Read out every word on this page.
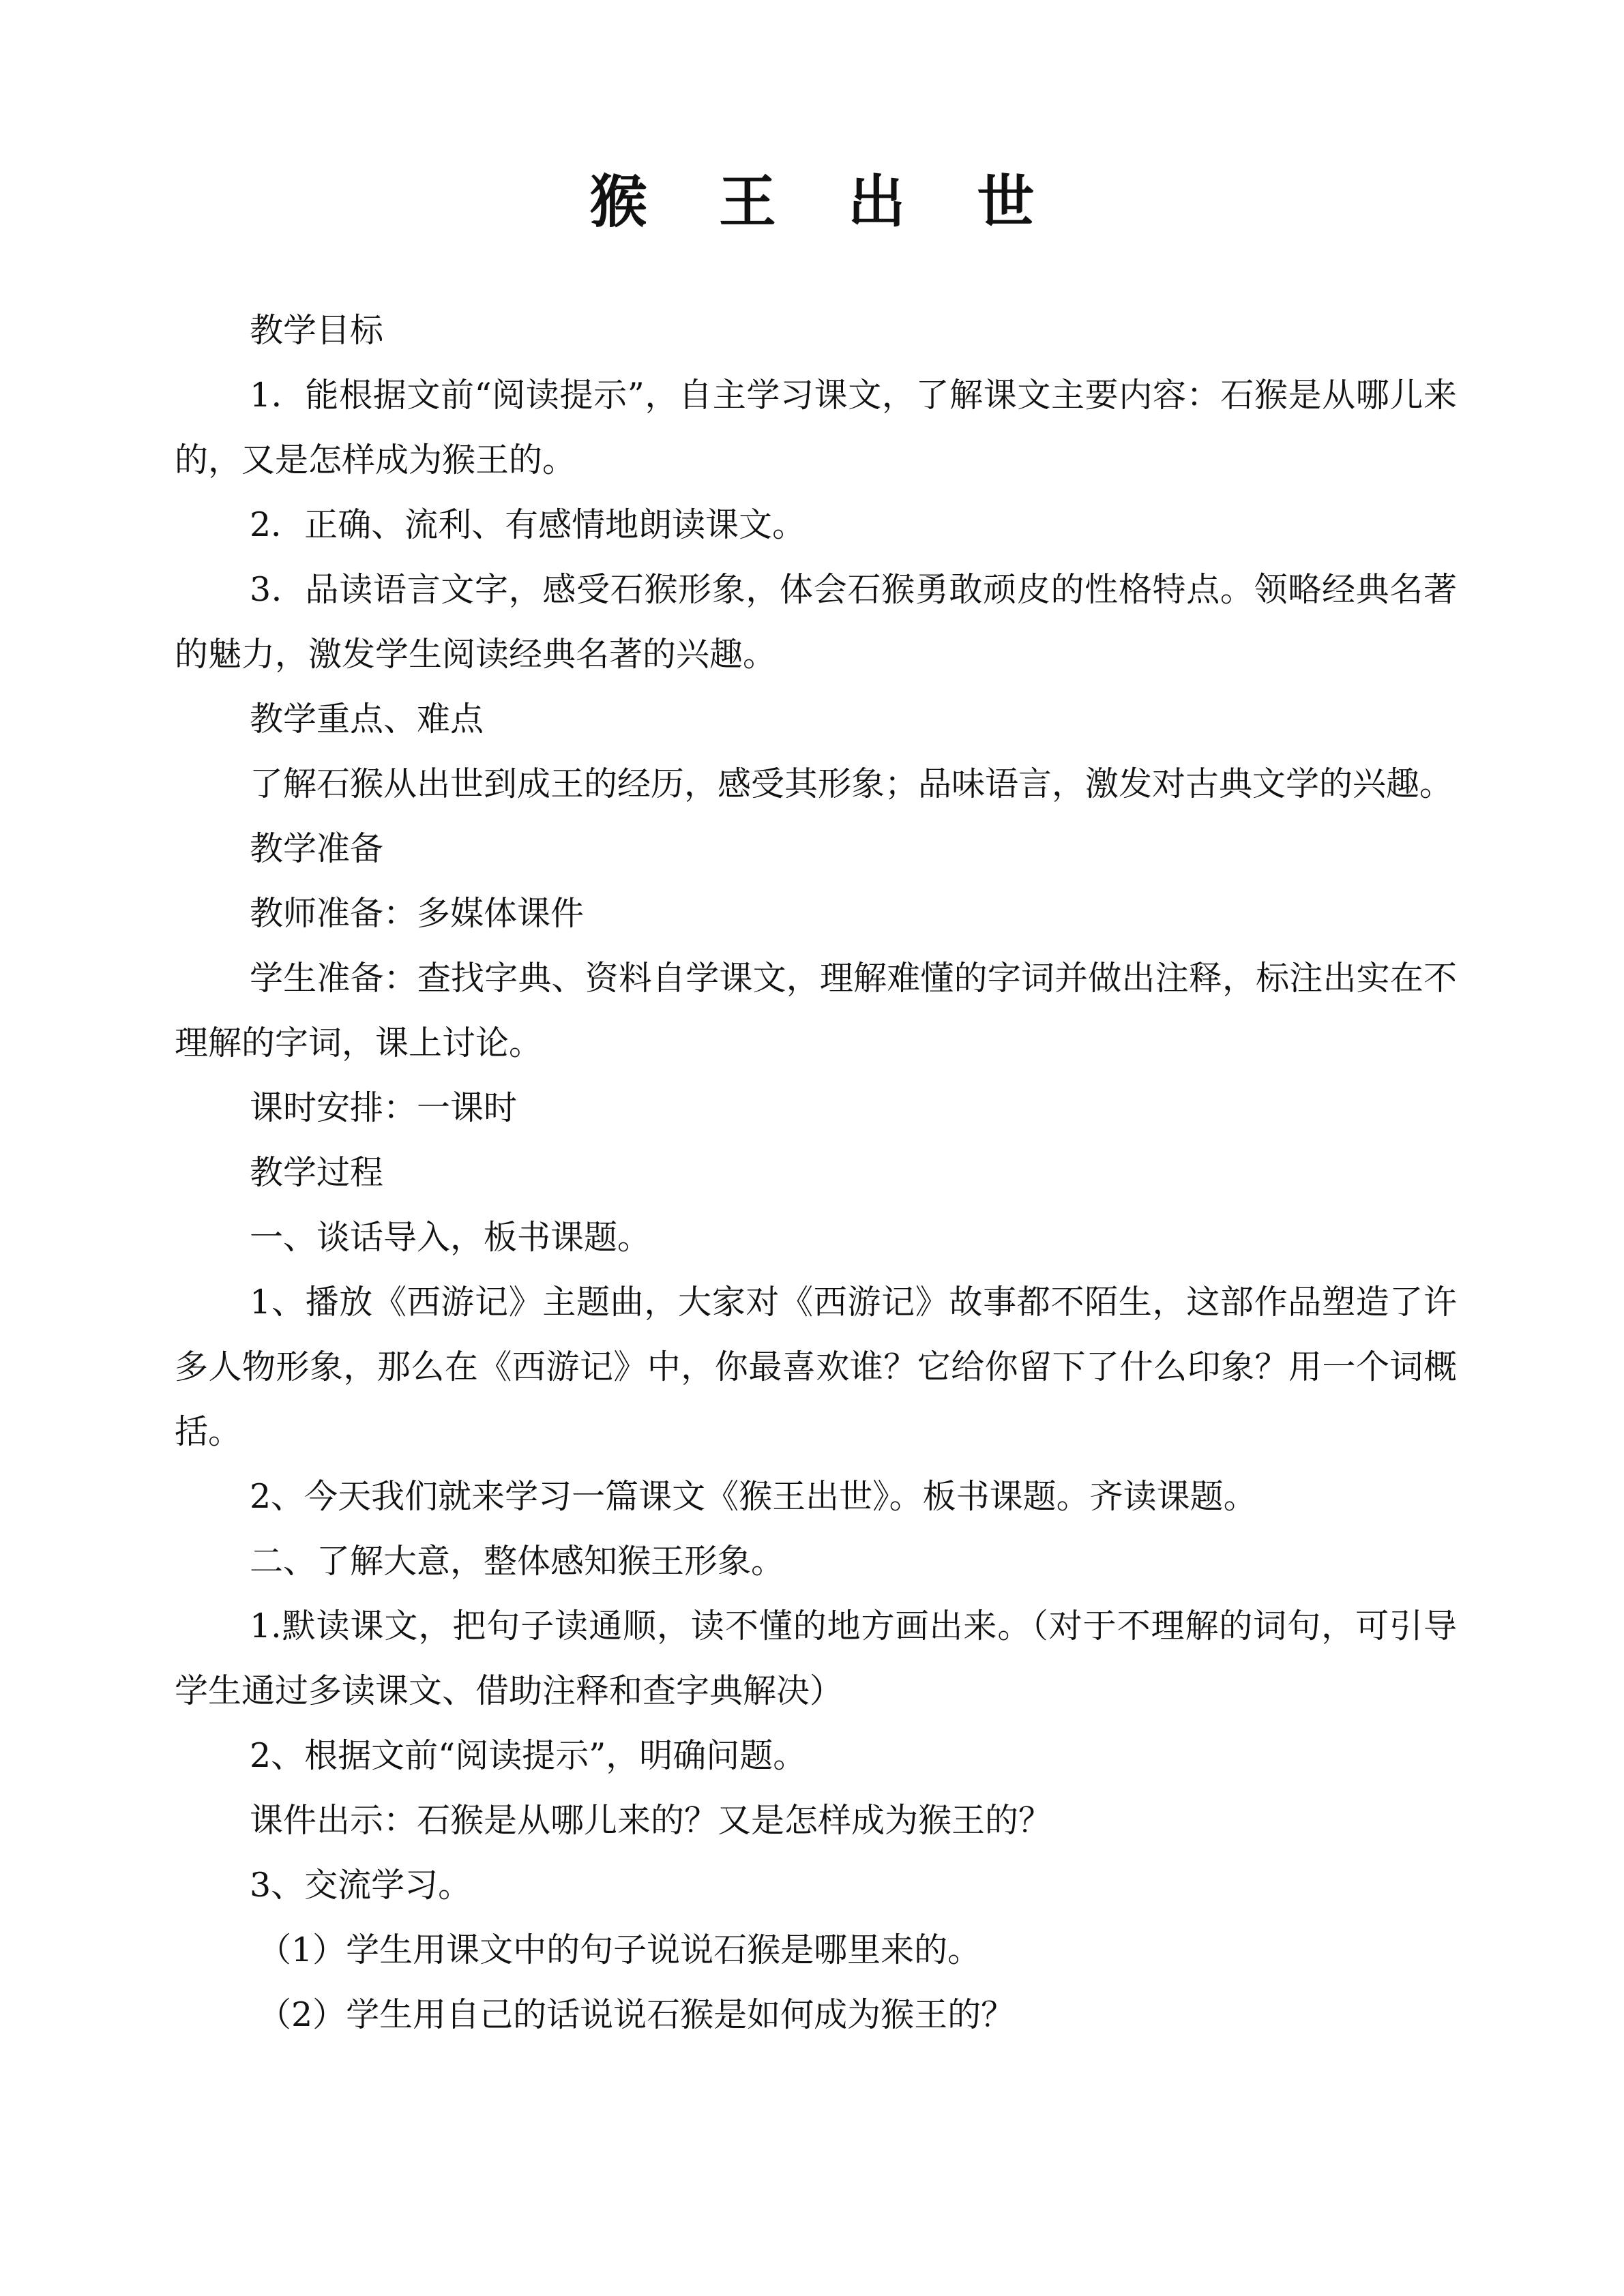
猴 王 出 世

教学目标

1．能根据文前“阅读提示”，自主学习课文，了解课文主要内容：石猴是从哪儿来的，又是怎样成为猴王的。

2．正确、流利、有感情地朗读课文。

3．品读语言文字，感受石猴形象，体会石猴勇敢顽皮的性格特点。领略经典名著的魅力，激发学生阅读经典名著的兴趣。

教学重点、难点

了解石猴从出世到成王的经历，感受其形象；品味语言，激发对古典文学的兴趣。

教学准备

教师准备：多媒体课件

学生准备：查找字典、资料自学课文，理解难懂的字词并做出注释，标注出实在不理解的字词，课上讨论。

课时安排：一课时

教学过程

一、谈话导入，板书课题。

1、播放《西游记》主题曲，大家对《西游记》故事都不陌生，这部作品塑造了许多人物形象，那么在《西游记》中，你最喜欢谁？它给你留下了什么印象？用一个词概括。

2、今天我们就来学习一篇课文《猴王出世》。板书课题。齐读课题。

二、了解大意，整体感知猴王形象。

1.默读课文，把句子读通顺，读不懂的地方画出来。（对于不理解的词句，可引导学生通过多读课文、借助注释和查字典解决）

2、根据文前“阅读提示”，明确问题。

课件出示：石猴是从哪儿来的？又是怎样成为猴王的？

3、交流学习。

（1）学生用课文中的句子说说石猴是哪里来的。

（2）学生用自己的话说说石猴是如何成为猴王的？
